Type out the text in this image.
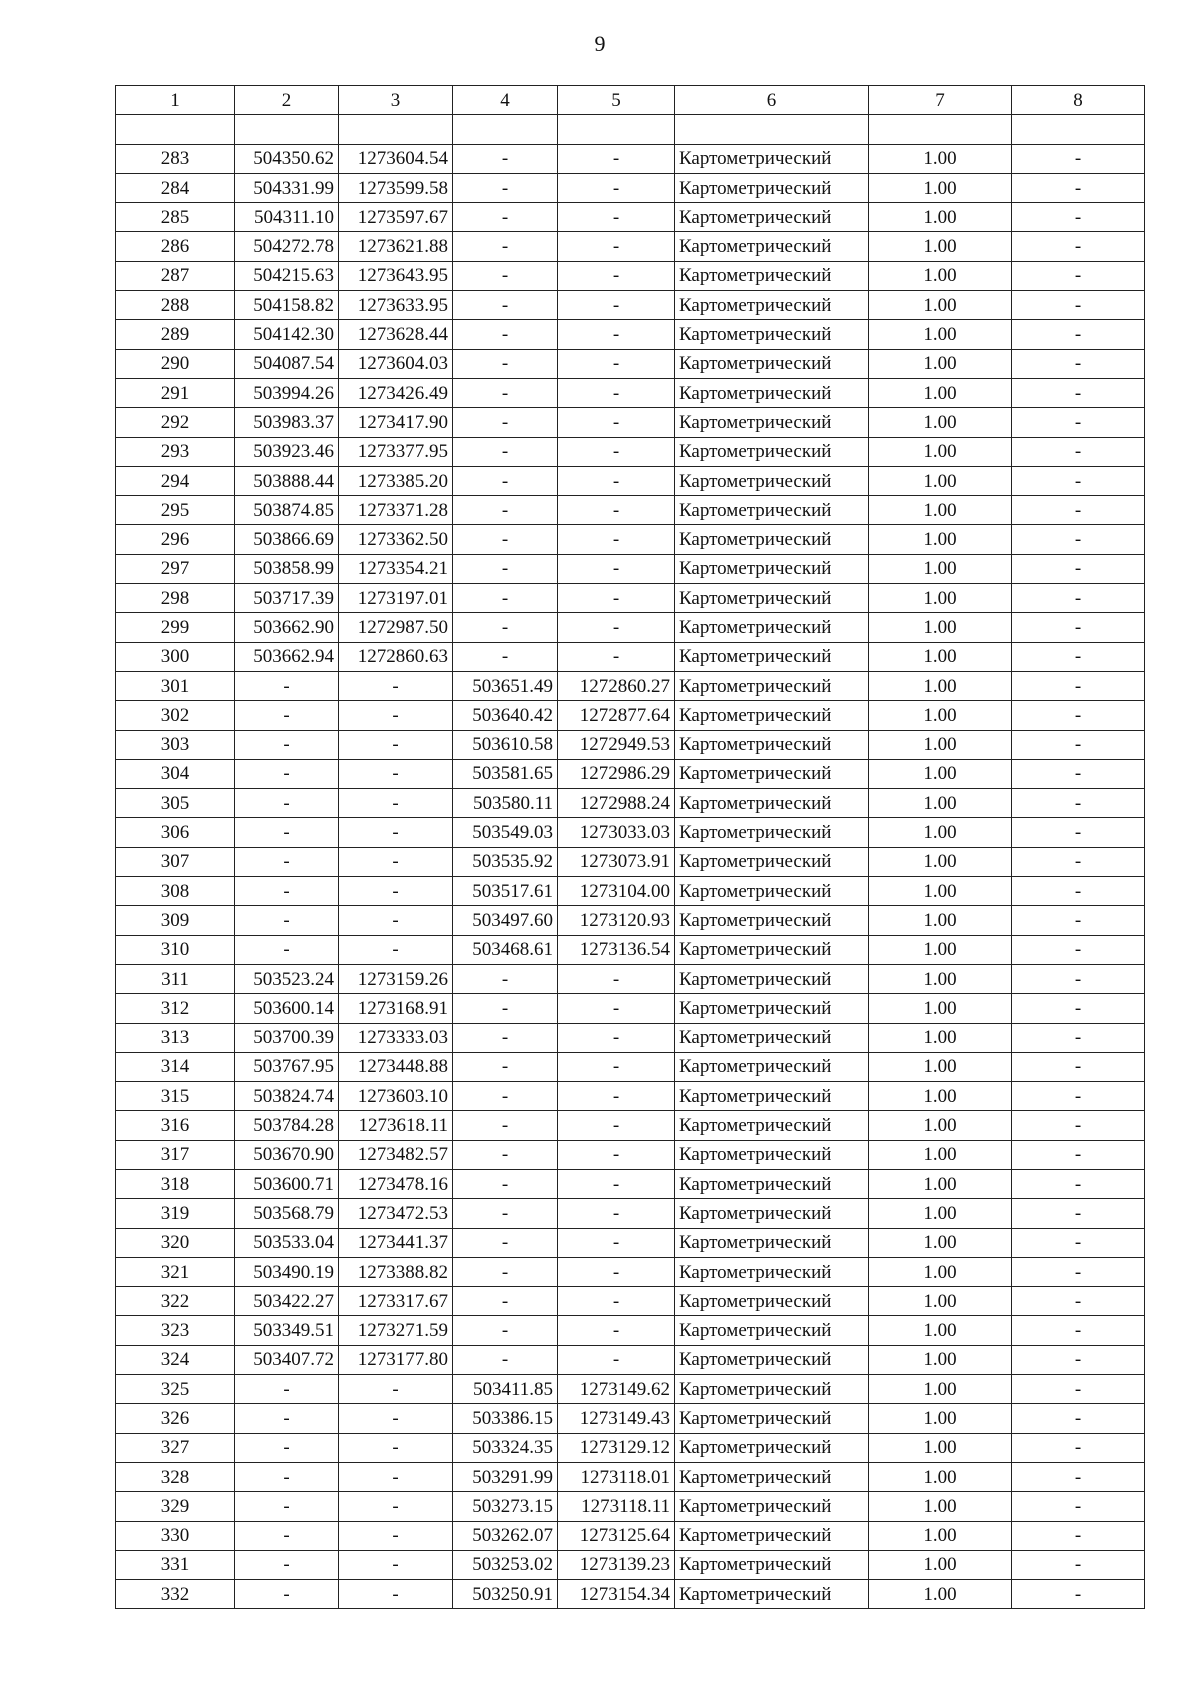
9
1	2	3	4	5	6	7	8

283	504350.62	1273604.54	-	-	Картометрический	1.00	-
284	504331.99	1273599.58	-	-	Картометрический	1.00	-
285	504311.10	1273597.67	-	-	Картометрический	1.00	-
286	504272.78	1273621.88	-	-	Картометрический	1.00	-
287	504215.63	1273643.95	-	-	Картометрический	1.00	-
288	504158.82	1273633.95	-	-	Картометрический	1.00	-
289	504142.30	1273628.44	-	-	Картометрический	1.00	-
290	504087.54	1273604.03	-	-	Картометрический	1.00	-
291	503994.26	1273426.49	-	-	Картометрический	1.00	-
292	503983.37	1273417.90	-	-	Картометрический	1.00	-
293	503923.46	1273377.95	-	-	Картометрический	1.00	-
294	503888.44	1273385.20	-	-	Картометрический	1.00	-
295	503874.85	1273371.28	-	-	Картометрический	1.00	-
296	503866.69	1273362.50	-	-	Картометрический	1.00	-
297	503858.99	1273354.21	-	-	Картометрический	1.00	-
298	503717.39	1273197.01	-	-	Картометрический	1.00	-
299	503662.90	1272987.50	-	-	Картометрический	1.00	-
300	503662.94	1272860.63	-	-	Картометрический	1.00	-
301	-	-	503651.49	1272860.27	Картометрический	1.00	-
302	-	-	503640.42	1272877.64	Картометрический	1.00	-
303	-	-	503610.58	1272949.53	Картометрический	1.00	-
304	-	-	503581.65	1272986.29	Картометрический	1.00	-
305	-	-	503580.11	1272988.24	Картометрический	1.00	-
306	-	-	503549.03	1273033.03	Картометрический	1.00	-
307	-	-	503535.92	1273073.91	Картометрический	1.00	-
308	-	-	503517.61	1273104.00	Картометрический	1.00	-
309	-	-	503497.60	1273120.93	Картометрический	1.00	-
310	-	-	503468.61	1273136.54	Картометрический	1.00	-
311	503523.24	1273159.26	-	-	Картометрический	1.00	-
312	503600.14	1273168.91	-	-	Картометрический	1.00	-
313	503700.39	1273333.03	-	-	Картометрический	1.00	-
314	503767.95	1273448.88	-	-	Картометрический	1.00	-
315	503824.74	1273603.10	-	-	Картометрический	1.00	-
316	503784.28	1273618.11	-	-	Картометрический	1.00	-
317	503670.90	1273482.57	-	-	Картометрический	1.00	-
318	503600.71	1273478.16	-	-	Картометрический	1.00	-
319	503568.79	1273472.53	-	-	Картометрический	1.00	-
320	503533.04	1273441.37	-	-	Картометрический	1.00	-
321	503490.19	1273388.82	-	-	Картометрический	1.00	-
322	503422.27	1273317.67	-	-	Картометрический	1.00	-
323	503349.51	1273271.59	-	-	Картометрический	1.00	-
324	503407.72	1273177.80	-	-	Картометрический	1.00	-
325	-	-	503411.85	1273149.62	Картометрический	1.00	-
326	-	-	503386.15	1273149.43	Картометрический	1.00	-
327	-	-	503324.35	1273129.12	Картометрический	1.00	-
328	-	-	503291.99	1273118.01	Картометрический	1.00	-
329	-	-	503273.15	1273118.11	Картометрический	1.00	-
330	-	-	503262.07	1273125.64	Картометрический	1.00	-
331	-	-	503253.02	1273139.23	Картометрический	1.00	-
332	-	-	503250.91	1273154.34	Картометрический	1.00	-
